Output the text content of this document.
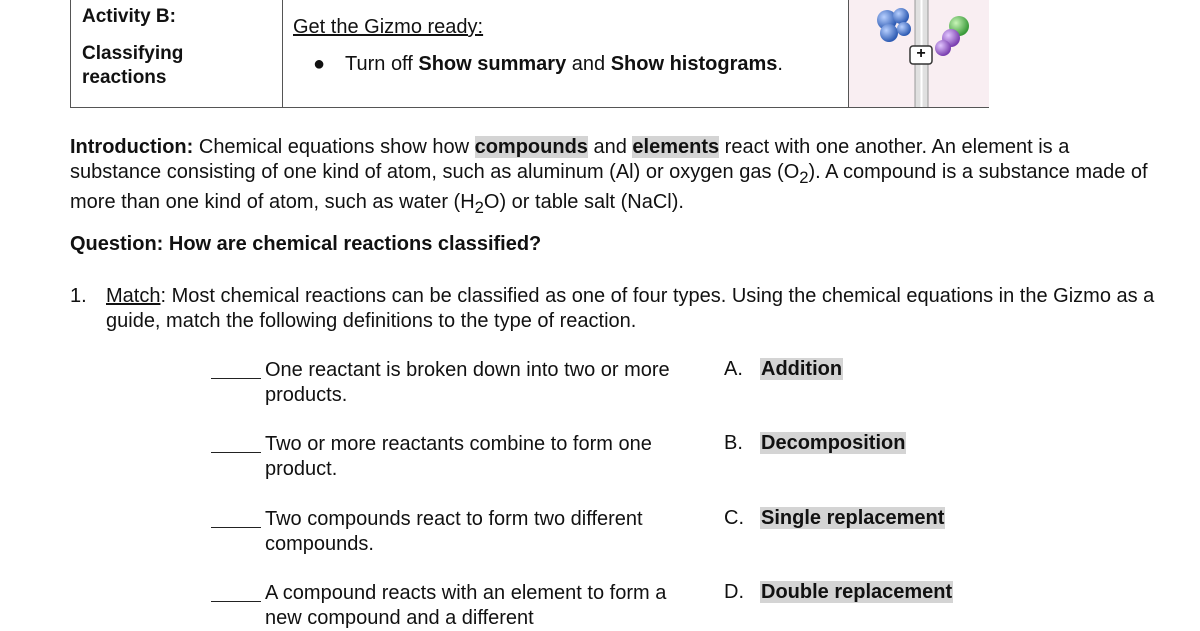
Activity B:
Classifying
reactions
Get the Gizmo ready:
● Turn off Show summary and Show histograms.	+
Introduction: Chemical equations show how compounds and elements react with one another. An element is a substance consisting of one kind of atom, such as aluminum (Al) or oxygen gas $(O_2)$. A compound is a substance made of more than one kind of atom, such as water $(H_2O)$ or table salt (NaCl).
Question: How are chemical reactions classified?
1. Match: Most chemical reactions can be classified as one of four types. Using the chemical equations in the Gizmo as a guide, match the following definitions to the type of reaction.
One reactant is broken down into two or more products.
Two or more reactants combine to form one product.
Two compounds react to form two different compounds.
A compound reacts with an element to form a new compound and a different
A. Addition
B. Decomposition
C. Single replacement
D. Double replacement
